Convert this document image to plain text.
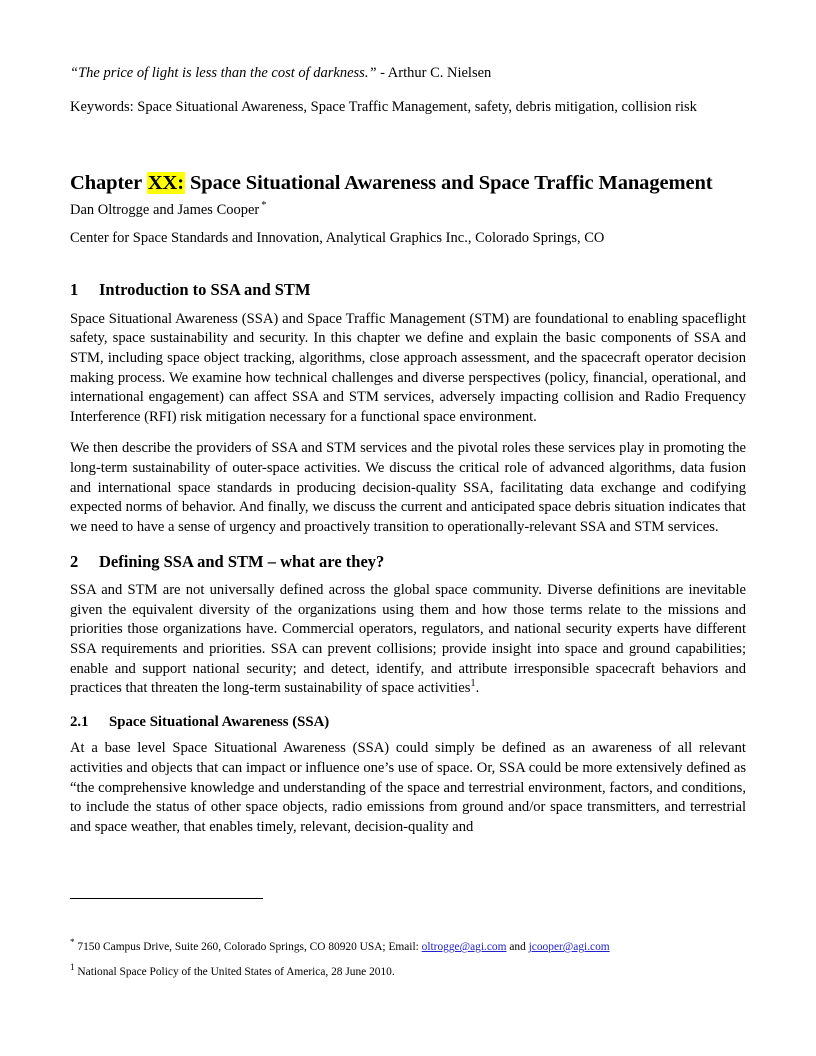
“The price of light is less than the cost of darkness.” - Arthur C. Nielsen

Keywords: Space Situational Awareness, Space Traffic Management, safety, debris mitigation, collision risk

Chapter XX: Space Situational Awareness and Space Traffic Management

Dan Oltrogge and James Cooper *

Center for Space Standards and Innovation, Analytical Graphics Inc., Colorado Springs, CO

1 Introduction to SSA and STM

Space Situational Awareness (SSA) and Space Traffic Management (STM) are foundational to enabling spaceflight safety, space sustainability and security. In this chapter we define and explain the basic components of SSA and STM, including space object tracking, algorithms, close approach assessment, and the spacecraft operator decision making process. We examine how technical challenges and diverse perspectives (policy, financial, operational, and international engagement) can affect SSA and STM services, adversely impacting collision and Radio Frequency Interference (RFI) risk mitigation necessary for a functional space environment.

We then describe the providers of SSA and STM services and the pivotal roles these services play in promoting the long-term sustainability of outer-space activities. We discuss the critical role of advanced algorithms, data fusion and international space standards in producing decision-quality SSA, facilitating data exchange and codifying expected norms of behavior. And finally, we discuss the current and anticipated space debris situation indicates that we need to have a sense of urgency and proactively transition to operationally-relevant SSA and STM services.

2 Defining SSA and STM – what are they?

SSA and STM are not universally defined across the global space community. Diverse definitions are inevitable given the equivalent diversity of the organizations using them and how those terms relate to the missions and priorities those organizations have. Commercial operators, regulators, and national security experts have different SSA requirements and priorities. SSA can prevent collisions; provide insight into space and ground capabilities; enable and support national security; and detect, identify, and attribute irresponsible spacecraft behaviors and practices that threaten the long-term sustainability of space activities$^1$.

2.1 Space Situational Awareness (SSA)

At a base level Space Situational Awareness (SSA) could simply be defined as an awareness of all relevant activities and objects that can impact or influence one’s use of space. Or, SSA could be more extensively defined as “the comprehensive knowledge and understanding of the space and terrestrial environment, factors, and conditions, to include the status of other space objects, radio emissions from ground and/or space transmitters, and terrestrial and space weather, that enables timely, relevant, decision-quality and

* 7150 Campus Drive, Suite 260, Colorado Springs, CO 80920 USA; Email: oltrogge@agi.com and jcooper@agi.com

$^1$ National Space Policy of the United States of America, 28 June 2010.
